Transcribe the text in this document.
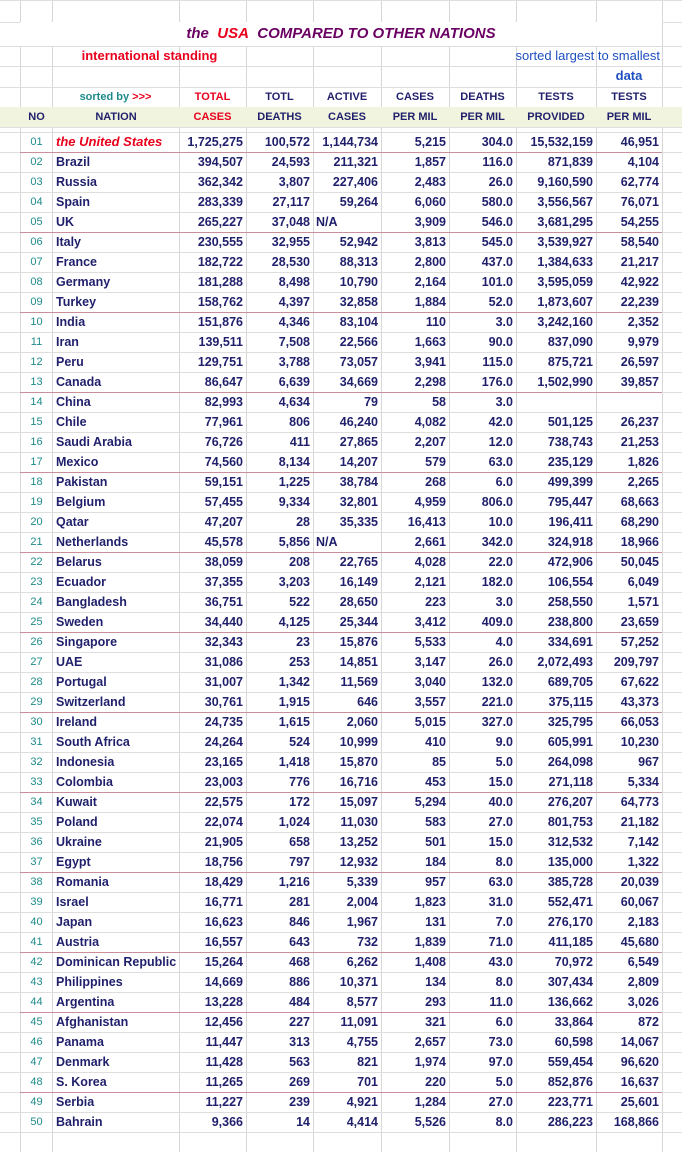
the USA COMPARED TO OTHER NATIONS
international standing	sorted largest to smallest
data
sorted by >>>	TOTAL	TOTL	ACTIVE	CASES	DEATHS	TESTS	TESTS
NO	NATION	CASES	DEATHS	CASES	PER MIL	PER MIL	PROVIDED	PER MIL
01	the United States	1,725,275	100,572 1,144,734	5,215	304.0	15,532,159	46,951
02	Brazil	394,507	24,593	211,321	1,857	116.0	871,839	4,104
03	Russia	362,342	3,807	227,406	2,483	26.0	9,160,590	62,774
04	Spain	283,339	27,117	59,264	6,060	580.0	3,556,567	76,071
05	UK	265,227	37,048 N/A	3,909	546.0	3,681,295	54,255
06	Italy	230,555	32,955	52,942	3,813	545.0	3,539,927	58,540
07	France	182,722	28,530	88,313	2,800	437.0	1,384,633	21,217
08	Germany	181,288	8,498	10,790	2,164	101.0	3,595,059	42,922
09	Turkey	158,762	4,397	32,858	1,884	52.0	1,873,607	22,239
10	India	151,876	4,346	83,104	110	3.0	3,242,160	2,352
11	Iran	139,511	7,508	22,566	1,663	90.0	837,090	9,979
12	Peru	129,751	3,788	73,057	3,941	115.0	875,721	26,597
13	Canada	86,647	6,639	34,669	2,298	176.0	1,502,990	39,857
14	China	82,993	4,634	79	58	3.0
15	Chile	77,961	806	46,240	4,082	42.0	501,125	26,237
16	Saudi Arabia	76,726	411	27,865	2,207	12.0	738,743	21,253
17	Mexico	74,560	8,134	14,207	579	63.0	235,129	1,826
18	Pakistan	59,151	1,225	38,784	268	6.0	499,399	2,265
19	Belgium	57,455	9,334	32,801	4,959	806.0	795,447	68,663
20	Qatar	47,207	28	35,335	16,413	10.0	196,411	68,290
21	Netherlands	45,578	5,856 N/A	2,661	342.0	324,918	18,966
22	Belarus	38,059	208	22,765	4,028	22.0	472,906	50,045
23	Ecuador	37,355	3,203	16,149	2,121	182.0	106,554	6,049
24	Bangladesh	36,751	522	28,650	223	3.0	258,550	1,571
25	Sweden	34,440	4,125	25,344	3,412	409.0	238,800	23,659
26	Singapore	32,343	23	15,876	5,533	4.0	334,691	57,252
27	UAE	31,086	253	14,851	3,147	26.0	2,072,493	209,797
28	Portugal	31,007	1,342	11,569	3,040	132.0	689,705	67,622
29	Switzerland	30,761	1,915	646	3,557	221.0	375,115	43,373
30	Ireland	24,735	1,615	2,060	5,015	327.0	325,795	66,053
31	South Africa	24,264	524	10,999	410	9.0	605,991	10,230
32	Indonesia	23,165	1,418	15,870	85	5.0	264,098	967
33	Colombia	23,003	776	16,716	453	15.0	271,118	5,334
34	Kuwait	22,575	172	15,097	5,294	40.0	276,207	64,773
35	Poland	22,074	1,024	11,030	583	27.0	801,753	21,182
36	Ukraine	21,905	658	13,252	501	15.0	312,532	7,142
37	Egypt	18,756	797	12,932	184	8.0	135,000	1,322
38	Romania	18,429	1,216	5,339	957	63.0	385,728	20,039
39	Israel	16,771	281	2,004	1,823	31.0	552,471	60,067
40	Japan	16,623	846	1,967	131	7.0	276,170	2,183
41	Austria	16,557	643	732	1,839	71.0	411,185	45,680
42	Dominican Republic	15,264	468	6,262	1,408	43.0	70,972	6,549
43	Philippines	14,669	886	10,371	134	8.0	307,434	2,809
44	Argentina	13,228	484	8,577	293	11.0	136,662	3,026
45	Afghanistan	12,456	227	11,091	321	6.0	33,864	872
46	Panama	11,447	313	4,755	2,657	73.0	60,598	14,067
47	Denmark	11,428	563	821	1,974	97.0	559,454	96,620
48	S. Korea	11,265	269	701	220	5.0	852,876	16,637
49	Serbia	11,227	239	4,921	1,284	27.0	223,771	25,601
50	Bahrain	9,366	14	4,414	5,526	8.0	286,223	168,866
